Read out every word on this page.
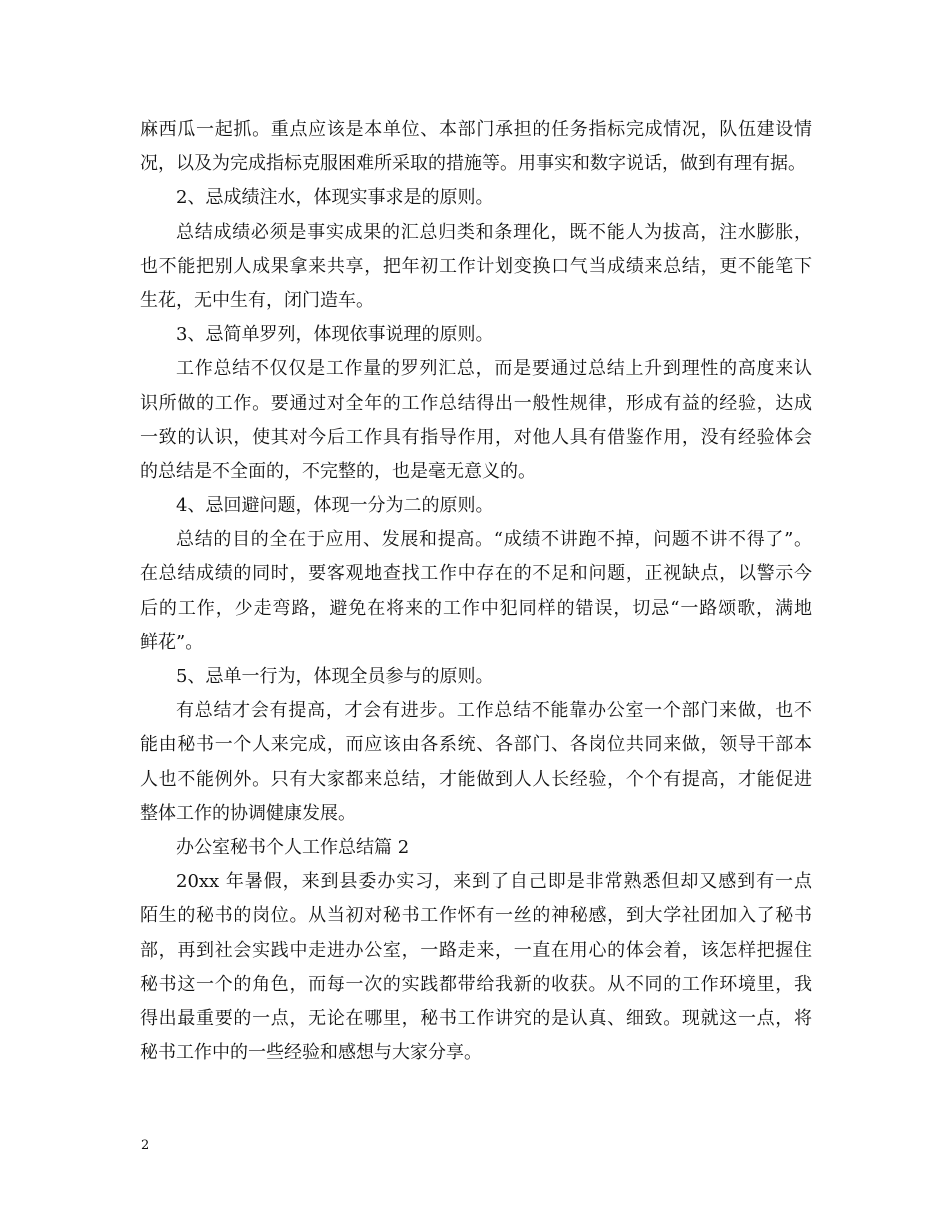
麻西瓜一起抓。重点应该是本单位、本部门承担的任务指标完成情况，队伍建设情
况，以及为完成指标克服困难所采取的措施等。用事实和数字说话，做到有理有据。
2、忌成绩注水，体现实事求是的原则。
总结成绩必须是事实成果的汇总归类和条理化，既不能人为拔高，注水膨胀，
也不能把别人成果拿来共享，把年初工作计划变换口气当成绩来总结，更不能笔下
生花，无中生有，闭门造车。
3、忌简单罗列，体现依事说理的原则。
工作总结不仅仅是工作量的罗列汇总，而是要通过总结上升到理性的高度来认
识所做的工作。要通过对全年的工作总结得出一般性规律，形成有益的经验，达成
一致的认识，使其对今后工作具有指导作用，对他人具有借鉴作用，没有经验体会
的总结是不全面的，不完整的，也是毫无意义的。
4、忌回避问题，体现一分为二的原则。
总结的目的全在于应用、发展和提高。“成绩不讲跑不掉，问题不讲不得了”。
在总结成绩的同时，要客观地查找工作中存在的不足和问题，正视缺点，以警示今
后的工作，少走弯路，避免在将来的工作中犯同样的错误，切忌“一路颂歌，满地
鲜花”。
5、忌单一行为，体现全员参与的原则。
有总结才会有提高，才会有进步。工作总结不能靠办公室一个部门来做，也不
能由秘书一个人来完成，而应该由各系统、各部门、各岗位共同来做，领导干部本
人也不能例外。只有大家都来总结，才能做到人人长经验，个个有提高，才能促进
整体工作的协调健康发展。
办公室秘书个人工作总结篇 2
20xx 年暑假，来到县委办实习，来到了自己即是非常熟悉但却又感到有一点
陌生的秘书的岗位。从当初对秘书工作怀有一丝的神秘感，到大学社团加入了秘书
部，再到社会实践中走进办公室，一路走来，一直在用心的体会着，该怎样把握住
秘书这一个的角色，而每一次的实践都带给我新的收获。从不同的工作环境里，我
得出最重要的一点，无论在哪里，秘书工作讲究的是认真、细致。现就这一点，将
秘书工作中的一些经验和感想与大家分享。
2
